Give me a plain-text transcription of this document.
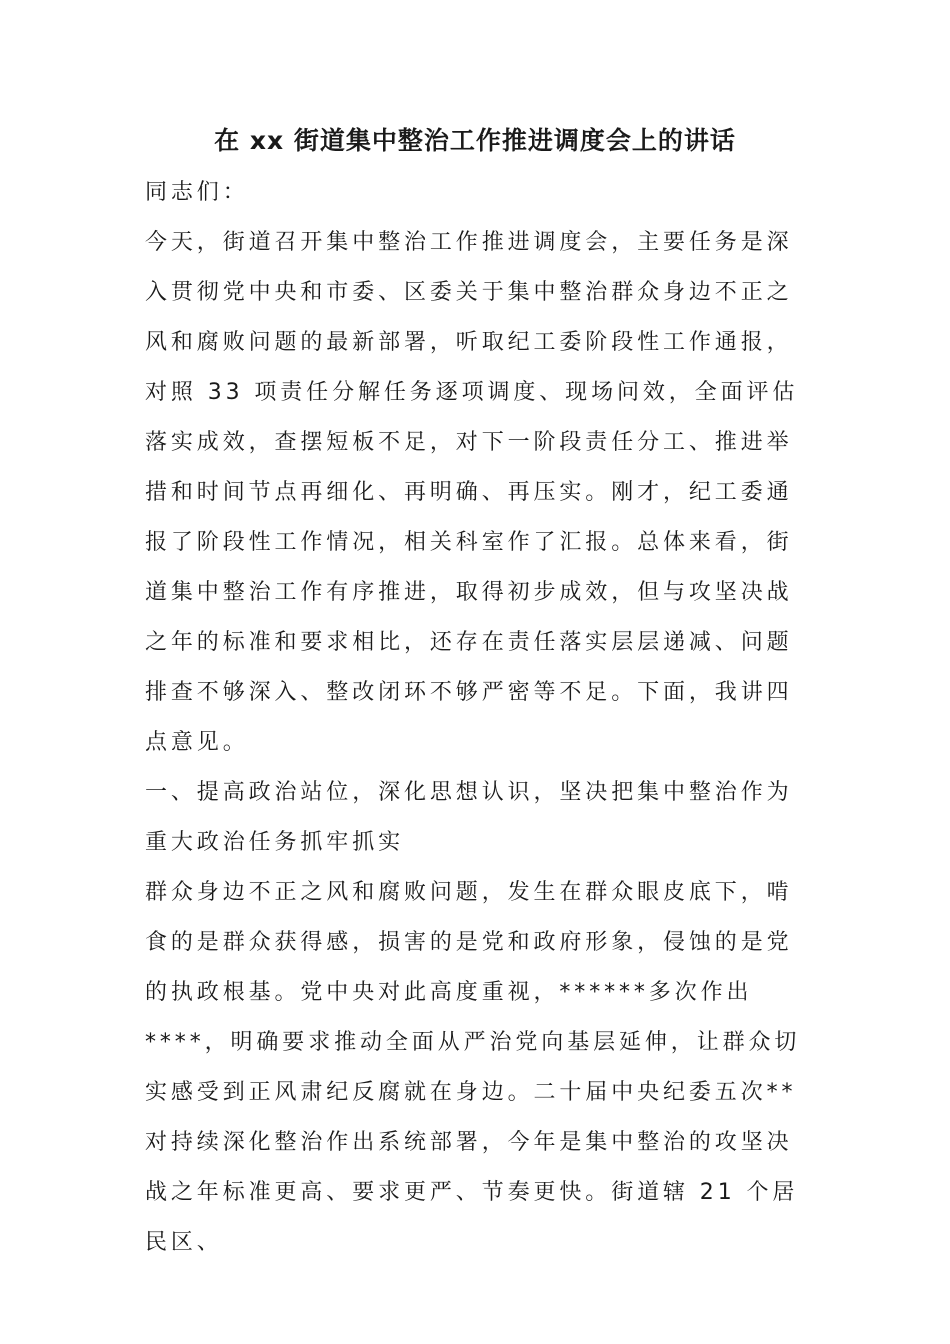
在 xx 街道集中整治工作推进调度会上的讲话

同志们：

今天，街道召开集中整治工作推进调度会，主要任务是深入贯彻党中央和市委、区委关于集中整治群众身边不正之风和腐败问题的最新部署，听取纪工委阶段性工作通报，对照 33 项责任分解任务逐项调度、现场问效，全面评估落实成效，查摆短板不足，对下一阶段责任分工、推进举措和时间节点再细化、再明确、再压实。刚才，纪工委通报了阶段性工作情况，相关科室作了汇报。总体来看，街道集中整治工作有序推进，取得初步成效，但与攻坚决战之年的标准和要求相比，还存在责任落实层层递减、问题排查不够深入、整改闭环不够严密等不足。下面，我讲四点意见。

一、提高政治站位，深化思想认识，坚决把集中整治作为重大政治任务抓牢抓实

群众身边不正之风和腐败问题，发生在群众眼皮底下，啃食的是群众获得感，损害的是党和政府形象，侵蚀的是党的执政根基。党中央对此高度重视，******多次作出****，明确要求推动全面从严治党向基层延伸，让群众切实感受到正风肃纪反腐就在身边。二十届中央纪委五次**对持续深化整治作出系统部署，今年是集中整治的攻坚决战之年标准更高、要求更严、节奏更快。街道辖 21 个居民区、
